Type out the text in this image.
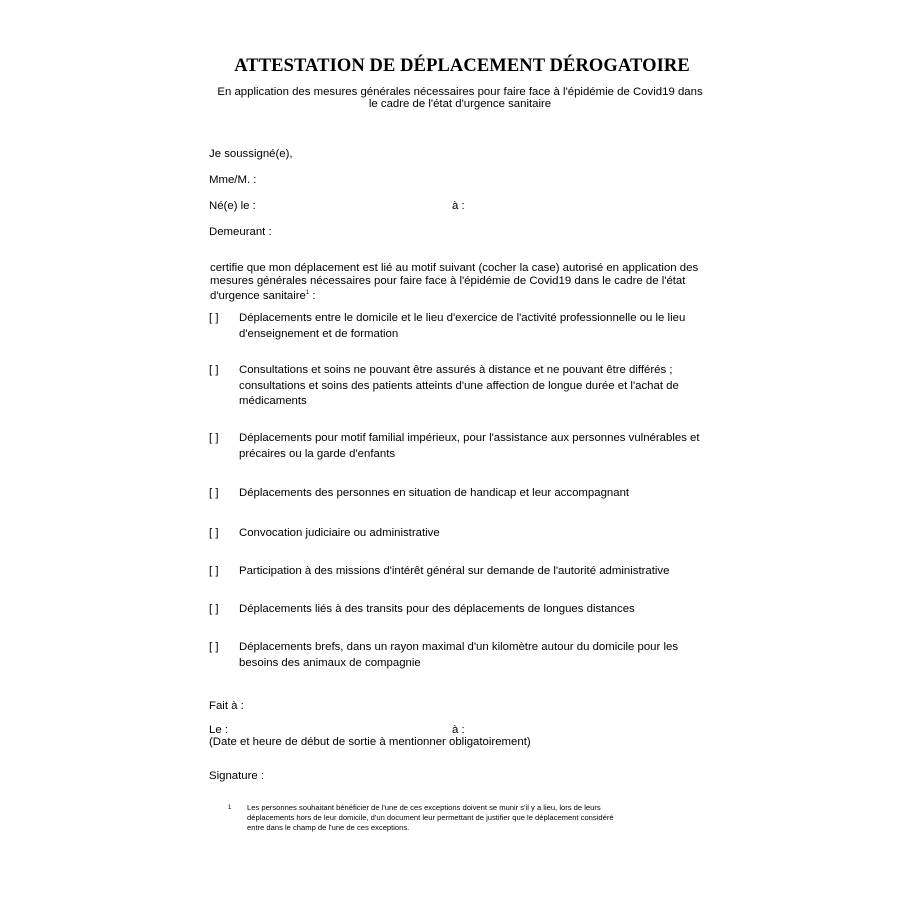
ATTESTATION DE DÉPLACEMENT DÉROGATOIRE
En application des mesures générales nécessaires pour faire face à l'épidémie de Covid19 dans
le cadre de l'état d'urgence sanitaire
Je soussigné(e),
Mme/M. :
Né(e) le :	à :
Demeurant :
certifie que mon déplacement est lié au motif suivant (cocher la case) autorisé en application des
mesures générales nécessaires pour faire face à l'épidémie de Covid19 dans le cadre de l'état
d'urgence sanitaire$^1$ :
[ ] Déplacements entre le domicile et le lieu d'exercice de l'activité professionnelle ou le lieu
d'enseignement et de formation
[ ] Consultations et soins ne pouvant être assurés à distance et ne pouvant être différés ;
consultations et soins des patients atteints d'une affection de longue durée et l'achat de
médicaments
[ ] Déplacements pour motif familial impérieux, pour l'assistance aux personnes vulnérables et
précaires ou la garde d'enfants
[ ] Déplacements des personnes en situation de handicap et leur accompagnant
[ ] Convocation judiciaire ou administrative
[ ] Participation à des missions d'intérêt général sur demande de l'autorité administrative
[ ] Déplacements liés à des transits pour des déplacements de longues distances
[ ] Déplacements brefs, dans un rayon maximal d'un kilomètre autour du domicile pour les
besoins des animaux de compagnie
Fait à :
Le :	à :
(Date et heure de début de sortie à mentionner obligatoirement)
Signature :
1 Les personnes souhaitant bénéficier de l'une de ces exceptions doivent se munir s'il y a lieu, lors de leurs
déplacements hors de leur domicile, d'un document leur permettant de justifier que le déplacement considéré
entre dans le champ de l'une de ces exceptions.
